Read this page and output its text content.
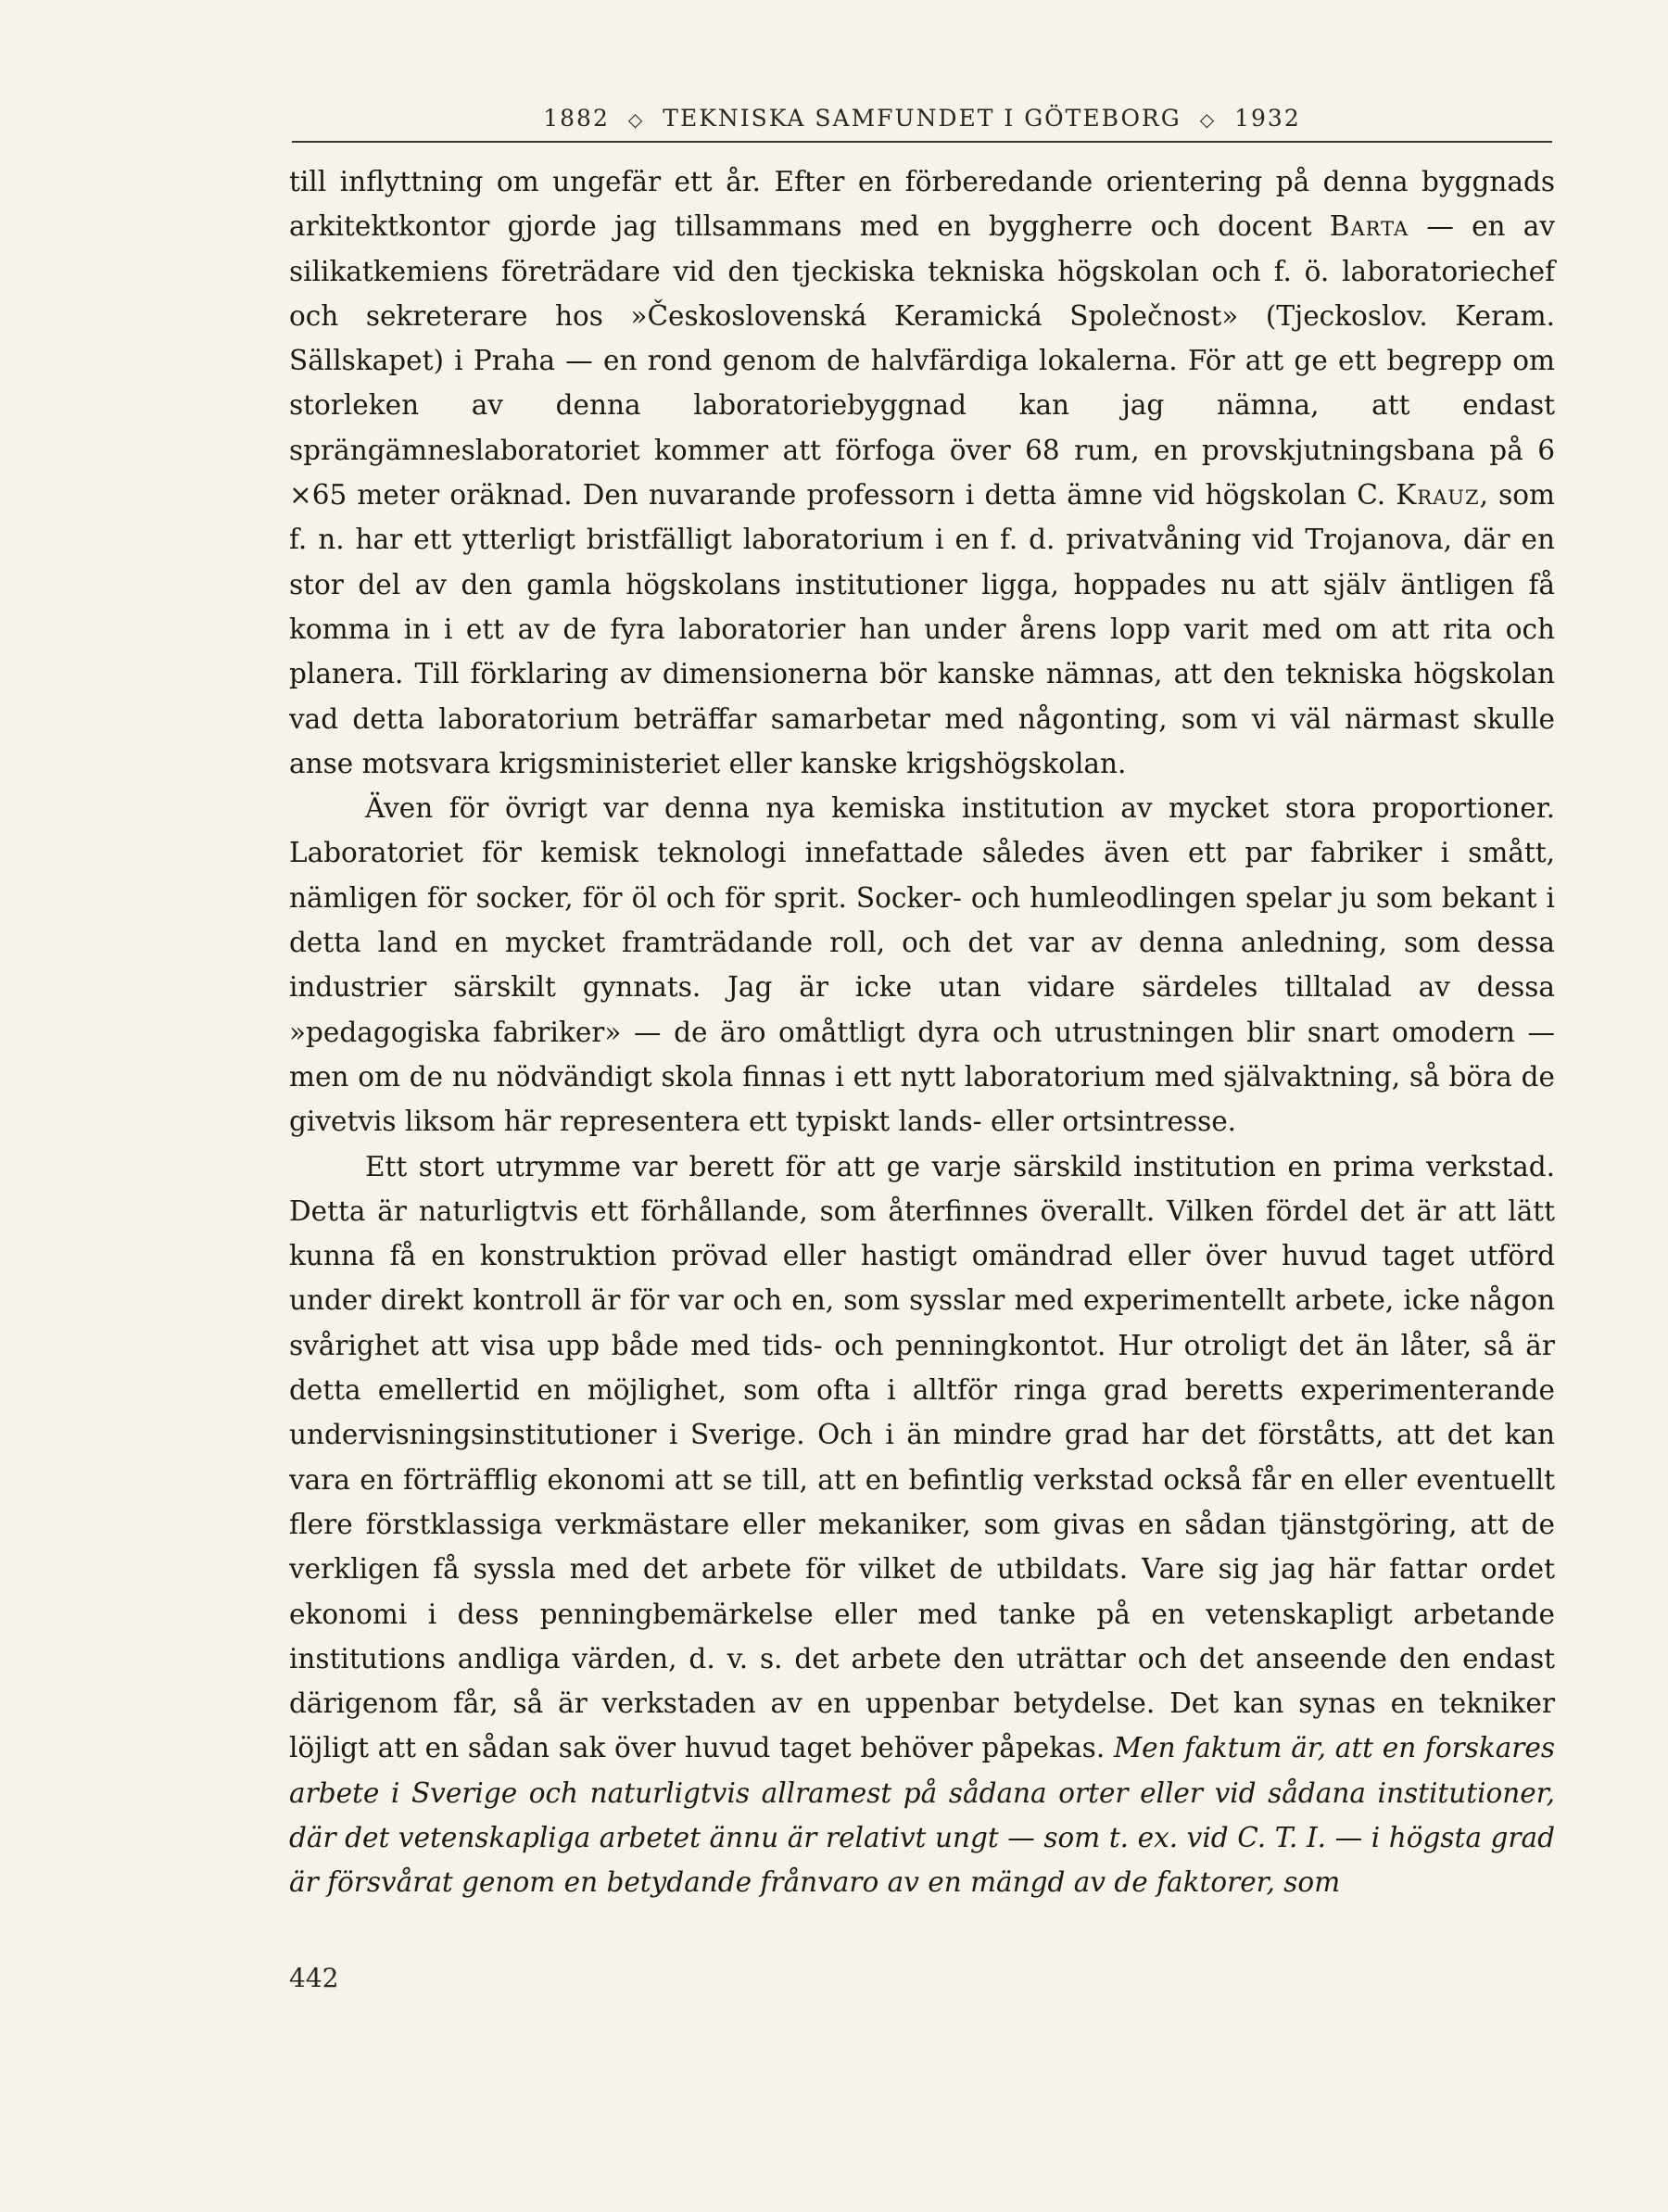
1882 ◇ TEKNISKA SAMFUNDET I GÖTEBORG ◇ 1932

till inflyttning om ungefär ett år. Efter en förberedande orientering på denna byggnads arkitektkontor gjorde jag tillsammans med en byggherre och docent Barta — en av silikatkemiens företrädare vid den tjeckiska tekniska högskolan och f. ö. laboratoriechef och sekreterare hos »Československá Keramická Společnost» (Tjeckoslov. Keram. Sällskapet) i Praha — en rond genom de halvfärdiga lokalerna. För att ge ett begrepp om storleken av denna laboratoriebyggnad kan jag nämna, att endast sprängämneslaboratoriet kommer att förfoga över 68 rum, en provskjutningsbana på 6 ×65 meter oräknad. Den nuvarande professorn i detta ämne vid högskolan C. Krauz, som f. n. har ett ytterligt bristfälligt laboratorium i en f. d. privatvåning vid Trojanova, där en stor del av den gamla högskolans institutioner ligga, hoppades nu att själv äntligen få komma in i ett av de fyra laboratorier han under årens lopp varit med om att rita och planera. Till förklaring av dimensionerna bör kanske nämnas, att den tekniska högskolan vad detta laboratorium beträffar samarbetar med någonting, som vi väl närmast skulle anse motsvara krigsministeriet eller kanske krigshögskolan.

Även för övrigt var denna nya kemiska institution av mycket stora proportioner. Laboratoriet för kemisk teknologi innefattade således även ett par fabriker i smått, nämligen för socker, för öl och för sprit. Socker- och humleodlingen spelar ju som bekant i detta land en mycket framträdande roll, och det var av denna anledning, som dessa industrier särskilt gynnats. Jag är icke utan vidare särdeles tilltalad av dessa »pedagogiska fabriker» — de äro omåttligt dyra och utrustningen blir snart omodern — men om de nu nödvändigt skola finnas i ett nytt laboratorium med självaktning, så böra de givetvis liksom här representera ett typiskt lands- eller ortsintresse.

Ett stort utrymme var berett för att ge varje särskild institution en prima verkstad. Detta är naturligtvis ett förhållande, som återfinnes överallt. Vilken fördel det är att lätt kunna få en konstruktion prövad eller hastigt omändrad eller över huvud taget utförd under direkt kontroll är för var och en, som sysslar med experimentellt arbete, icke någon svårighet att visa upp både med tids- och penningkontot. Hur otroligt det än låter, så är detta emellertid en möjlighet, som ofta i alltför ringa grad beretts experimenterande undervisningsinstitutioner i Sverige. Och i än mindre grad har det förståtts, att det kan vara en förträfflig ekonomi att se till, att en befintlig verkstad också får en eller eventuellt flere förstklassiga verkmästare eller mekaniker, som givas en sådan tjänstgöring, att de verkligen få syssla med det arbete för vilket de utbildats. Vare sig jag här fattar ordet ekonomi i dess penningbemärkelse eller med tanke på en vetenskapligt arbetande institutions andliga värden, d. v. s. det arbete den uträttar och det anseende den endast därigenom får, så är verkstaden av en uppenbar betydelse. Det kan synas en tekniker löjligt att en sådan sak över huvud taget behöver påpekas. Men faktum är, att en forskares arbete i Sverige och naturligtvis allramest på sådana orter eller vid sådana institutioner, där det vetenskapliga arbetet ännu är relativt ungt — som t. ex. vid C. T. I. — i högsta grad är försvårat genom en betydande frånvaro av en mängd av de faktorer, som

442
